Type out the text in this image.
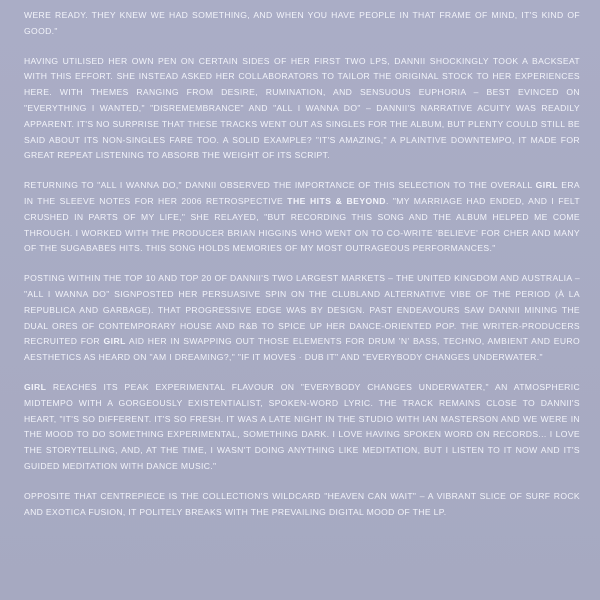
WERE READY. THEY KNEW WE HAD SOMETHING, AND WHEN YOU HAVE PEOPLE IN THAT FRAME OF MIND, IT'S KIND OF GOOD."

HAVING UTILISED HER OWN PEN ON CERTAIN SIDES OF HER FIRST TWO LPS, DANNII SHOCKINGLY TOOK A BACKSEAT WITH THIS EFFORT. SHE INSTEAD ASKED HER COLLABORATORS TO TAILOR THE ORIGINAL STOCK TO HER EXPERIENCES HERE. WITH THEMES RANGING FROM DESIRE, RUMINATION, AND SENSUOUS EUPHORIA – BEST EVINCED ON "EVERYTHING I WANTED," "DISREMEMBRANCE" AND "ALL I WANNA DO" – DANNII'S NARRATIVE ACUITY WAS READILY APPARENT. IT'S NO SURPRISE THAT THESE TRACKS WENT OUT AS SINGLES FOR THE ALBUM, BUT PLENTY COULD STILL BE SAID ABOUT ITS NON-SINGLES FARE TOO. A SOLID EXAMPLE? "IT'S AMAZING," A PLAINTIVE DOWNTEMPO, IT MADE FOR GREAT REPEAT LISTENING TO ABSORB THE WEIGHT OF ITS SCRIPT.

RETURNING TO "ALL I WANNA DO," DANNII OBSERVED THE IMPORTANCE OF THIS SELECTION TO THE OVERALL GIRL ERA IN THE SLEEVE NOTES FOR HER 2006 RETROSPECTIVE THE HITS & BEYOND. "MY MARRIAGE HAD ENDED, AND I FELT CRUSHED IN PARTS OF MY LIFE," SHE RELAYED, "BUT RECORDING THIS SONG AND THE ALBUM HELPED ME COME THROUGH. I WORKED WITH THE PRODUCER BRIAN HIGGINS WHO WENT ON TO CO-WRITE 'BELIEVE' FOR CHER AND MANY OF THE SUGABABES HITS. THIS SONG HOLDS MEMORIES OF MY MOST OUTRAGEOUS PERFORMANCES."

POSTING WITHIN THE TOP 10 AND TOP 20 OF DANNII'S TWO LARGEST MARKETS – THE UNITED KINGDOM AND AUSTRALIA – "ALL I WANNA DO" SIGNPOSTED HER PERSUASIVE SPIN ON THE CLUBLAND ALTERNATIVE VIBE OF THE PERIOD (À LA REPUBLICA AND GARBAGE). THAT PROGRESSIVE EDGE WAS BY DESIGN. PAST ENDEAVOURS SAW DANNII MINING THE DUAL ORES OF CONTEMPORARY HOUSE AND R&B TO SPICE UP HER DANCE-ORIENTED POP. THE WRITER-PRODUCERS RECRUITED FOR GIRL AID HER IN SWAPPING OUT THOSE ELEMENTS FOR DRUM 'N' BASS, TECHNO, AMBIENT AND EURO AESTHETICS AS HEARD ON "AM I DREAMING?," "IF IT MOVES · DUB IT" AND "EVERYBODY CHANGES UNDERWATER."

GIRL REACHES ITS PEAK EXPERIMENTAL FLAVOUR ON "EVERYBODY CHANGES UNDERWATER," AN ATMOSPHERIC MIDTEMPO WITH A GORGEOUSLY EXISTENTIALIST, SPOKEN-WORD LYRIC. THE TRACK REMAINS CLOSE TO DANNII'S HEART, "IT'S SO DIFFERENT. IT'S SO FRESH. IT WAS A LATE NIGHT IN THE STUDIO WITH IAN MASTERSON AND WE WERE IN THE MOOD TO DO SOMETHING EXPERIMENTAL, SOMETHING DARK. I LOVE HAVING SPOKEN WORD ON RECORDS... I LOVE THE STORYTELLING, AND, AT THE TIME, I WASN'T DOING ANYTHING LIKE MEDITATION, BUT I LISTEN TO IT NOW AND IT'S GUIDED MEDITATION WITH DANCE MUSIC."

OPPOSITE THAT CENTREPIECE IS THE COLLECTION'S WILDCARD "HEAVEN CAN WAIT" – A VIBRANT SLICE OF SURF ROCK AND EXOTICA FUSION, IT POLITELY BREAKS WITH THE PREVAILING DIGITAL MOOD OF THE LP.
